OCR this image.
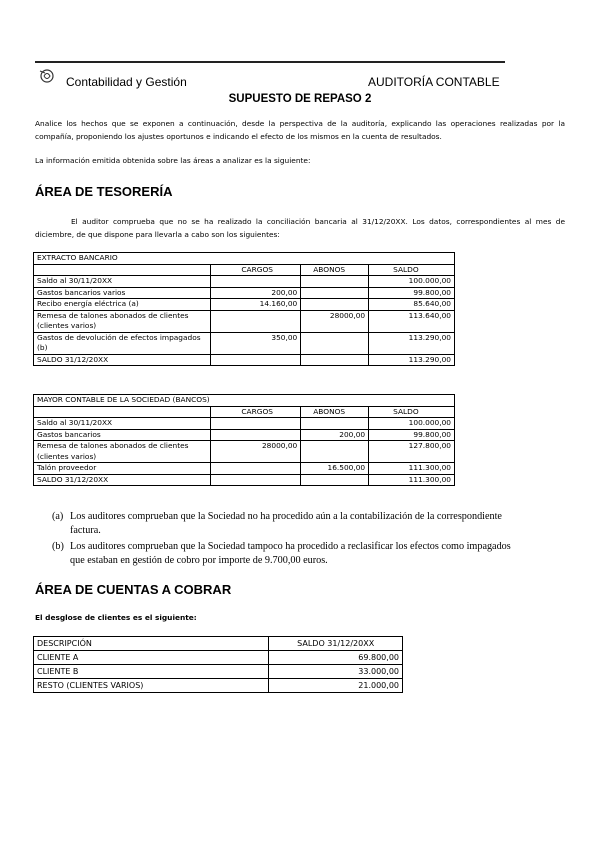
Contabilidad y Gestión	AUDITORÍA CONTABLE
SUPUESTO DE REPASO 2
Analice los hechos que se exponen a continuación, desde la perspectiva de la auditoría, explicando las operaciones realizadas por la compañía, proponiendo los ajustes oportunos e indicando el efecto de los mismos en la cuenta de resultados.
La información emitida obtenida sobre las áreas a analizar es la siguiente:
ÁREA DE TESORERÍA
El auditor comprueba que no se ha realizado la conciliación bancaria al 31/12/20XX. Los datos, correspondientes al mes de diciembre, de que dispone para llevarla a cabo son los siguientes:
EXTRACTO BANCARIO			
	CARGOS	ABONOS	SALDO
Saldo al 30/11/20XX			100.000,00
Gastos bancarios varios	200,00		99.800,00
Recibo energía eléctrica (a)	14.160,00		85.640,00
Remesa de talones abonados de clientes (clientes varios)		28000,00	113.640,00
Gastos de devolución de efectos impagados (b)	350,00		113.290,00
SALDO 31/12/20XX			113.290,00
MAYOR CONTABLE DE LA SOCIEDAD (BANCOS)			
	CARGOS	ABONOS	SALDO
Saldo al 30/11/20XX			100.000,00
Gastos bancarios		200,00	99.800,00
Remesa de talones abonados de clientes (clientes varios)	28000,00		127.800,00
Talón proveedor		16.500,00	111.300,00
SALDO 31/12/20XX			111.300,00
(a) Los auditores comprueban que la Sociedad no ha procedido aún a la contabilización de la correspondiente factura.
(b) Los auditores comprueban que la Sociedad tampoco ha procedido a reclasificar los efectos como impagados que estaban en gestión de cobro por importe de 9.700,00 euros.
ÁREA DE CUENTAS A COBRAR
El desglose de clientes es el siguiente:
DESCRIPCIÓN	SALDO 31/12/20XX
CLIENTE A	69.800,00
CLIENTE B	33.000,00
RESTO (CLIENTES VARIOS)	21.000,00
